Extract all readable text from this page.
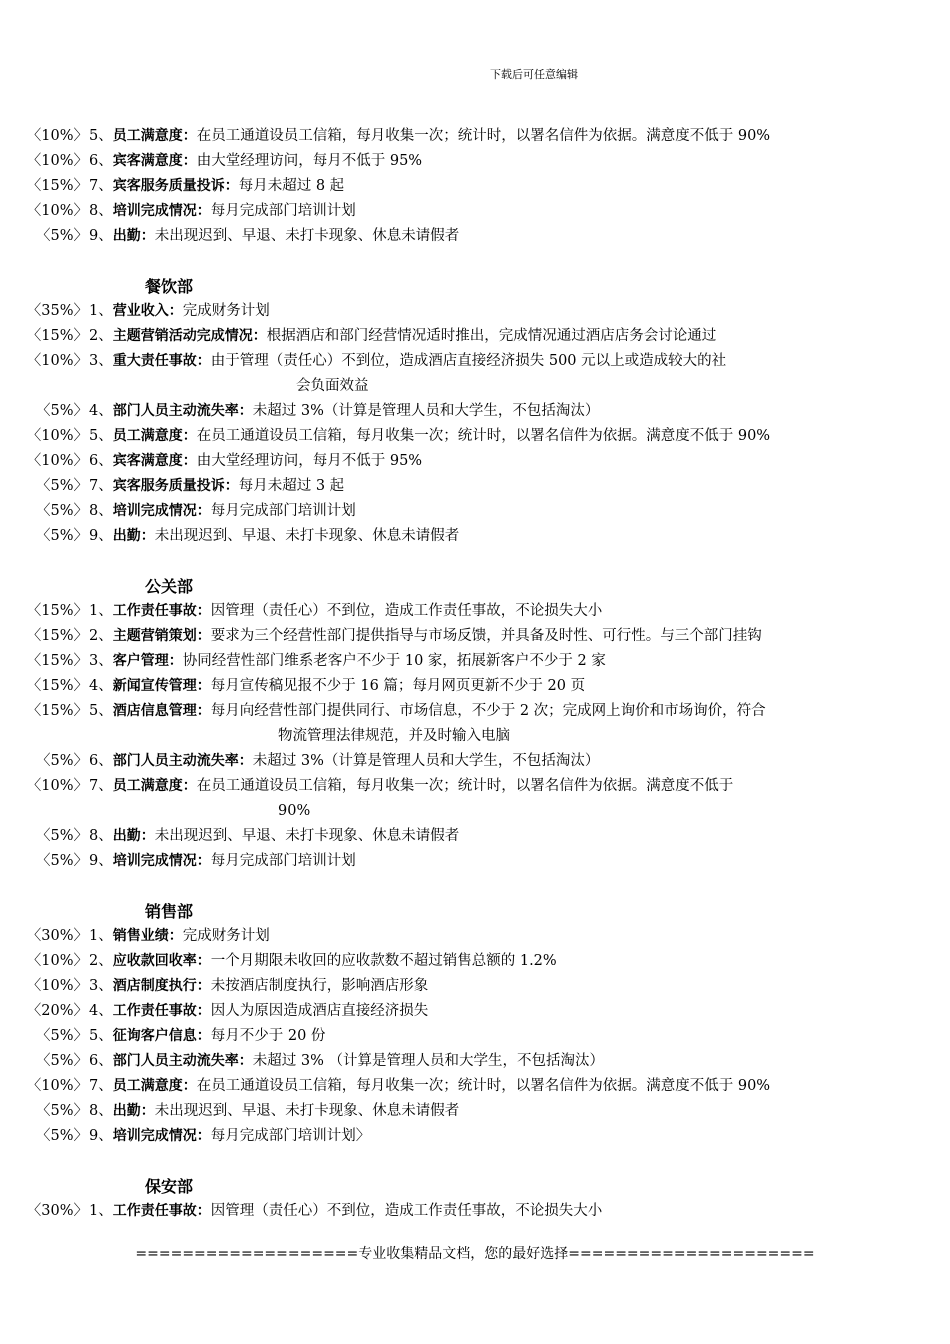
下载后可任意编辑
〈10%〉 5、 员工满意度： 在员工通道设员工信箱，每月收集一次；统计时，以署名信件为依据。满意度不低于 90%
〈10%〉 6、 宾客满意度： 由大堂经理访问，每月不低于 95%
〈15%〉 7、 宾客服务质量投诉： 每月未超过 8 起
〈10%〉 8、 培训完成情况： 每月完成部门培训计划
〈5%〉 9、 出勤： 未出现迟到、早退、未打卡现象、休息未请假者
餐饮部
〈35%〉 1、 营业收入： 完成财务计划
〈15%〉 2、 主题营销活动完成情况： 根据酒店和部门经营情况适时推出，完成情况通过酒店店务会讨论通过
〈10%〉 3、 重大责任事故： 由于管理（责任心）不到位，造成酒店直接经济损失 500 元以上或造成较大的社
会负面效益
〈5%〉 4、 部门人员主动流失率： 未超过 3%（计算是管理人员和大学生，不包括淘汰）
〈10%〉 5、 员工满意度： 在员工通道设员工信箱，每月收集一次；统计时，以署名信件为依据。满意度不低于 90%
〈10%〉 6、 宾客满意度： 由大堂经理访问，每月不低于 95%
〈5%〉 7、 宾客服务质量投诉： 每月未超过 3 起
〈5%〉 8、 培训完成情况： 每月完成部门培训计划
〈5%〉 9、 出勤： 未出现迟到、早退、未打卡现象、休息未请假者
公关部
〈15%〉 1、 工作责任事故： 因管理（责任心）不到位，造成工作责任事故，不论损失大小
〈15%〉 2、 主题营销策划： 要求为三个经营性部门提供指导与市场反馈，并具备及时性、可行性。与三个部门挂钩
〈15%〉 3、 客户管理： 协同经营性部门维系老客户不少于 10 家，拓展新客户不少于 2 家
〈15%〉 4、 新闻宣传管理： 每月宣传稿见报不少于 16 篇；每月网页更新不少于 20 页
〈15%〉 5、 酒店信息管理： 每月向经营性部门提供同行、市场信息，不少于 2 次；完成网上询价和市场询价，符合
物流管理法律规范，并及时输入电脑
〈5%〉 6、 部门人员主动流失率： 未超过 3%（计算是管理人员和大学生，不包括淘汰）
〈10%〉 7、 员工满意度： 在员工通道设员工信箱，每月收集一次；统计时，以署名信件为依据。满意度不低于
90%
〈5%〉 8、 出勤： 未出现迟到、早退、未打卡现象、休息未请假者
〈5%〉 9、 培训完成情况： 每月完成部门培训计划
销售部
〈30%〉 1、 销售业绩： 完成财务计划
〈10%〉 2、 应收款回收率： 一个月期限未收回的应收款数不超过销售总额的 1.2%
〈10%〉 3、 酒店制度执行： 未按酒店制度执行，影响酒店形象
〈20%〉 4、 工作责任事故： 因人为原因造成酒店直接经济损失
〈5%〉 5、 征询客户信息： 每月不少于 20 份
〈5%〉 6、 部门人员主动流失率： 未超过 3% （计算是管理人员和大学生，不包括淘汰）
〈10%〉 7、 员工满意度： 在员工通道设员工信箱，每月收集一次；统计时，以署名信件为依据。满意度不低于 90%
〈5%〉 8、 出勤： 未出现迟到、早退、未打卡现象、休息未请假者
〈5%〉 9、 培训完成情况： 每月完成部门培训计划〉
保安部
〈30%〉 1、 工作责任事故： 因管理（责任心）不到位，造成工作责任事故，不论损失大小
===================专业收集精品文档，您的最好选择=====================
